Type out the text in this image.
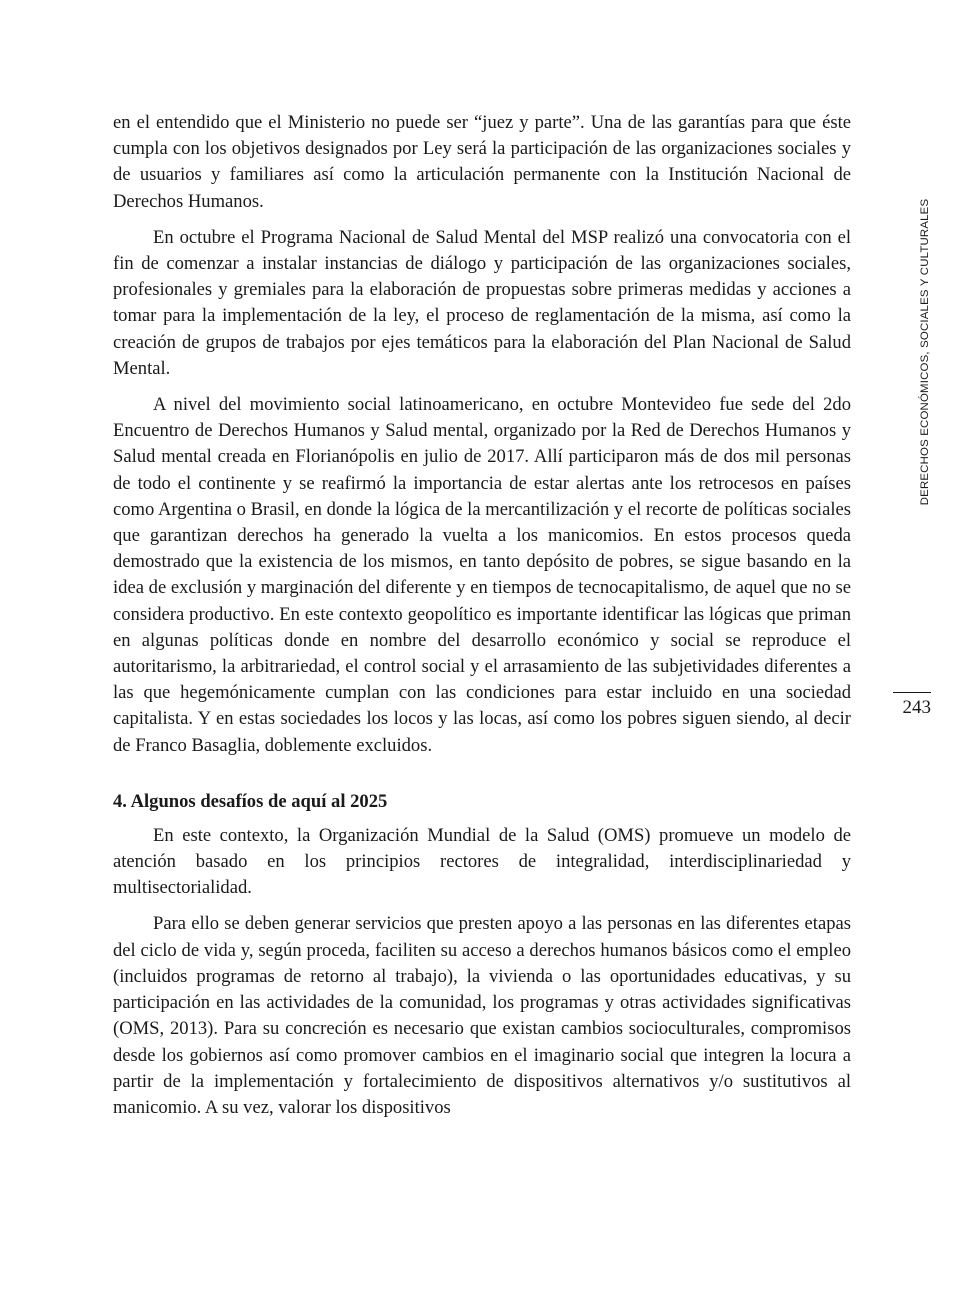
en el entendido que el Ministerio no puede ser “juez y parte”. Una de las garantías para que éste cumpla con los objetivos designados por Ley será la participación de las organizaciones sociales y de usuarios y familiares así como la articulación permanente con la Institución Nacional de Derechos Humanos.

En octubre el Programa Nacional de Salud Mental del MSP realizó una convocatoria con el fin de comenzar a instalar instancias de diálogo y participación de las organizaciones sociales, profesionales y gremiales para la elaboración de propuestas sobre primeras medidas y acciones a tomar para la implementación de la ley, el proceso de reglamentación de la misma, así como la creación de grupos de trabajos por ejes temáticos para la elaboración del Plan Nacional de Salud Mental.

A nivel del movimiento social latinoamericano, en octubre Montevideo fue sede del 2do Encuentro de Derechos Humanos y Salud mental, organizado por la Red de Derechos Humanos y Salud mental creada en Florianópolis en julio de 2017. Allí participaron más de dos mil personas de todo el continente y se reafirmó la importancia de estar alertas ante los retrocesos en países como Argentina o Brasil, en donde la lógica de la mercantilización y el recorte de políticas sociales que garantizan derechos ha generado la vuelta a los manicomios. En estos procesos queda demostrado que la existencia de los mismos, en tanto depósito de pobres, se sigue basando en la idea de exclusión y marginación del diferente y en tiempos de tecnocapitalismo, de aquel que no se considera productivo. En este contexto geopolítico es importante identificar las lógicas que priman en algunas políticas donde en nombre del desarrollo económico y social se reproduce el autoritarismo, la arbitrariedad, el control social y el arrasamiento de las subjetividades diferentes a las que hegemónicamente cumplan con las condiciones para estar incluido en una sociedad capitalista. Y en estas sociedades los locos y las locas, así como los pobres siguen siendo, al decir de Franco Basaglia, doblemente excluidos.

4. Algunos desafíos de aquí al 2025

En este contexto, la Organización Mundial de la Salud (OMS) promueve un modelo de atención basado en los principios rectores de integralidad, interdisciplinariedad y multisectorialidad.

Para ello se deben generar servicios que presten apoyo a las personas en las diferentes etapas del ciclo de vida y, según proceda, faciliten su acceso a derechos humanos básicos como el empleo (incluidos programas de retorno al trabajo), la vivienda o las oportunidades educativas, y su participación en las actividades de la comunidad, los programas y otras actividades significativas (OMS, 2013). Para su concreción es necesario que existan cambios socioculturales, compromisos desde los gobiernos así como promover cambios en el imaginario social que integren la locura a partir de la implementación y fortalecimiento de dispositivos alternativos y/o sustitutivos al manicomio. A su vez, valorar los dispositivos

DERECHOS ECONÓMICOS, SOCIALES Y CULTURALES
243
